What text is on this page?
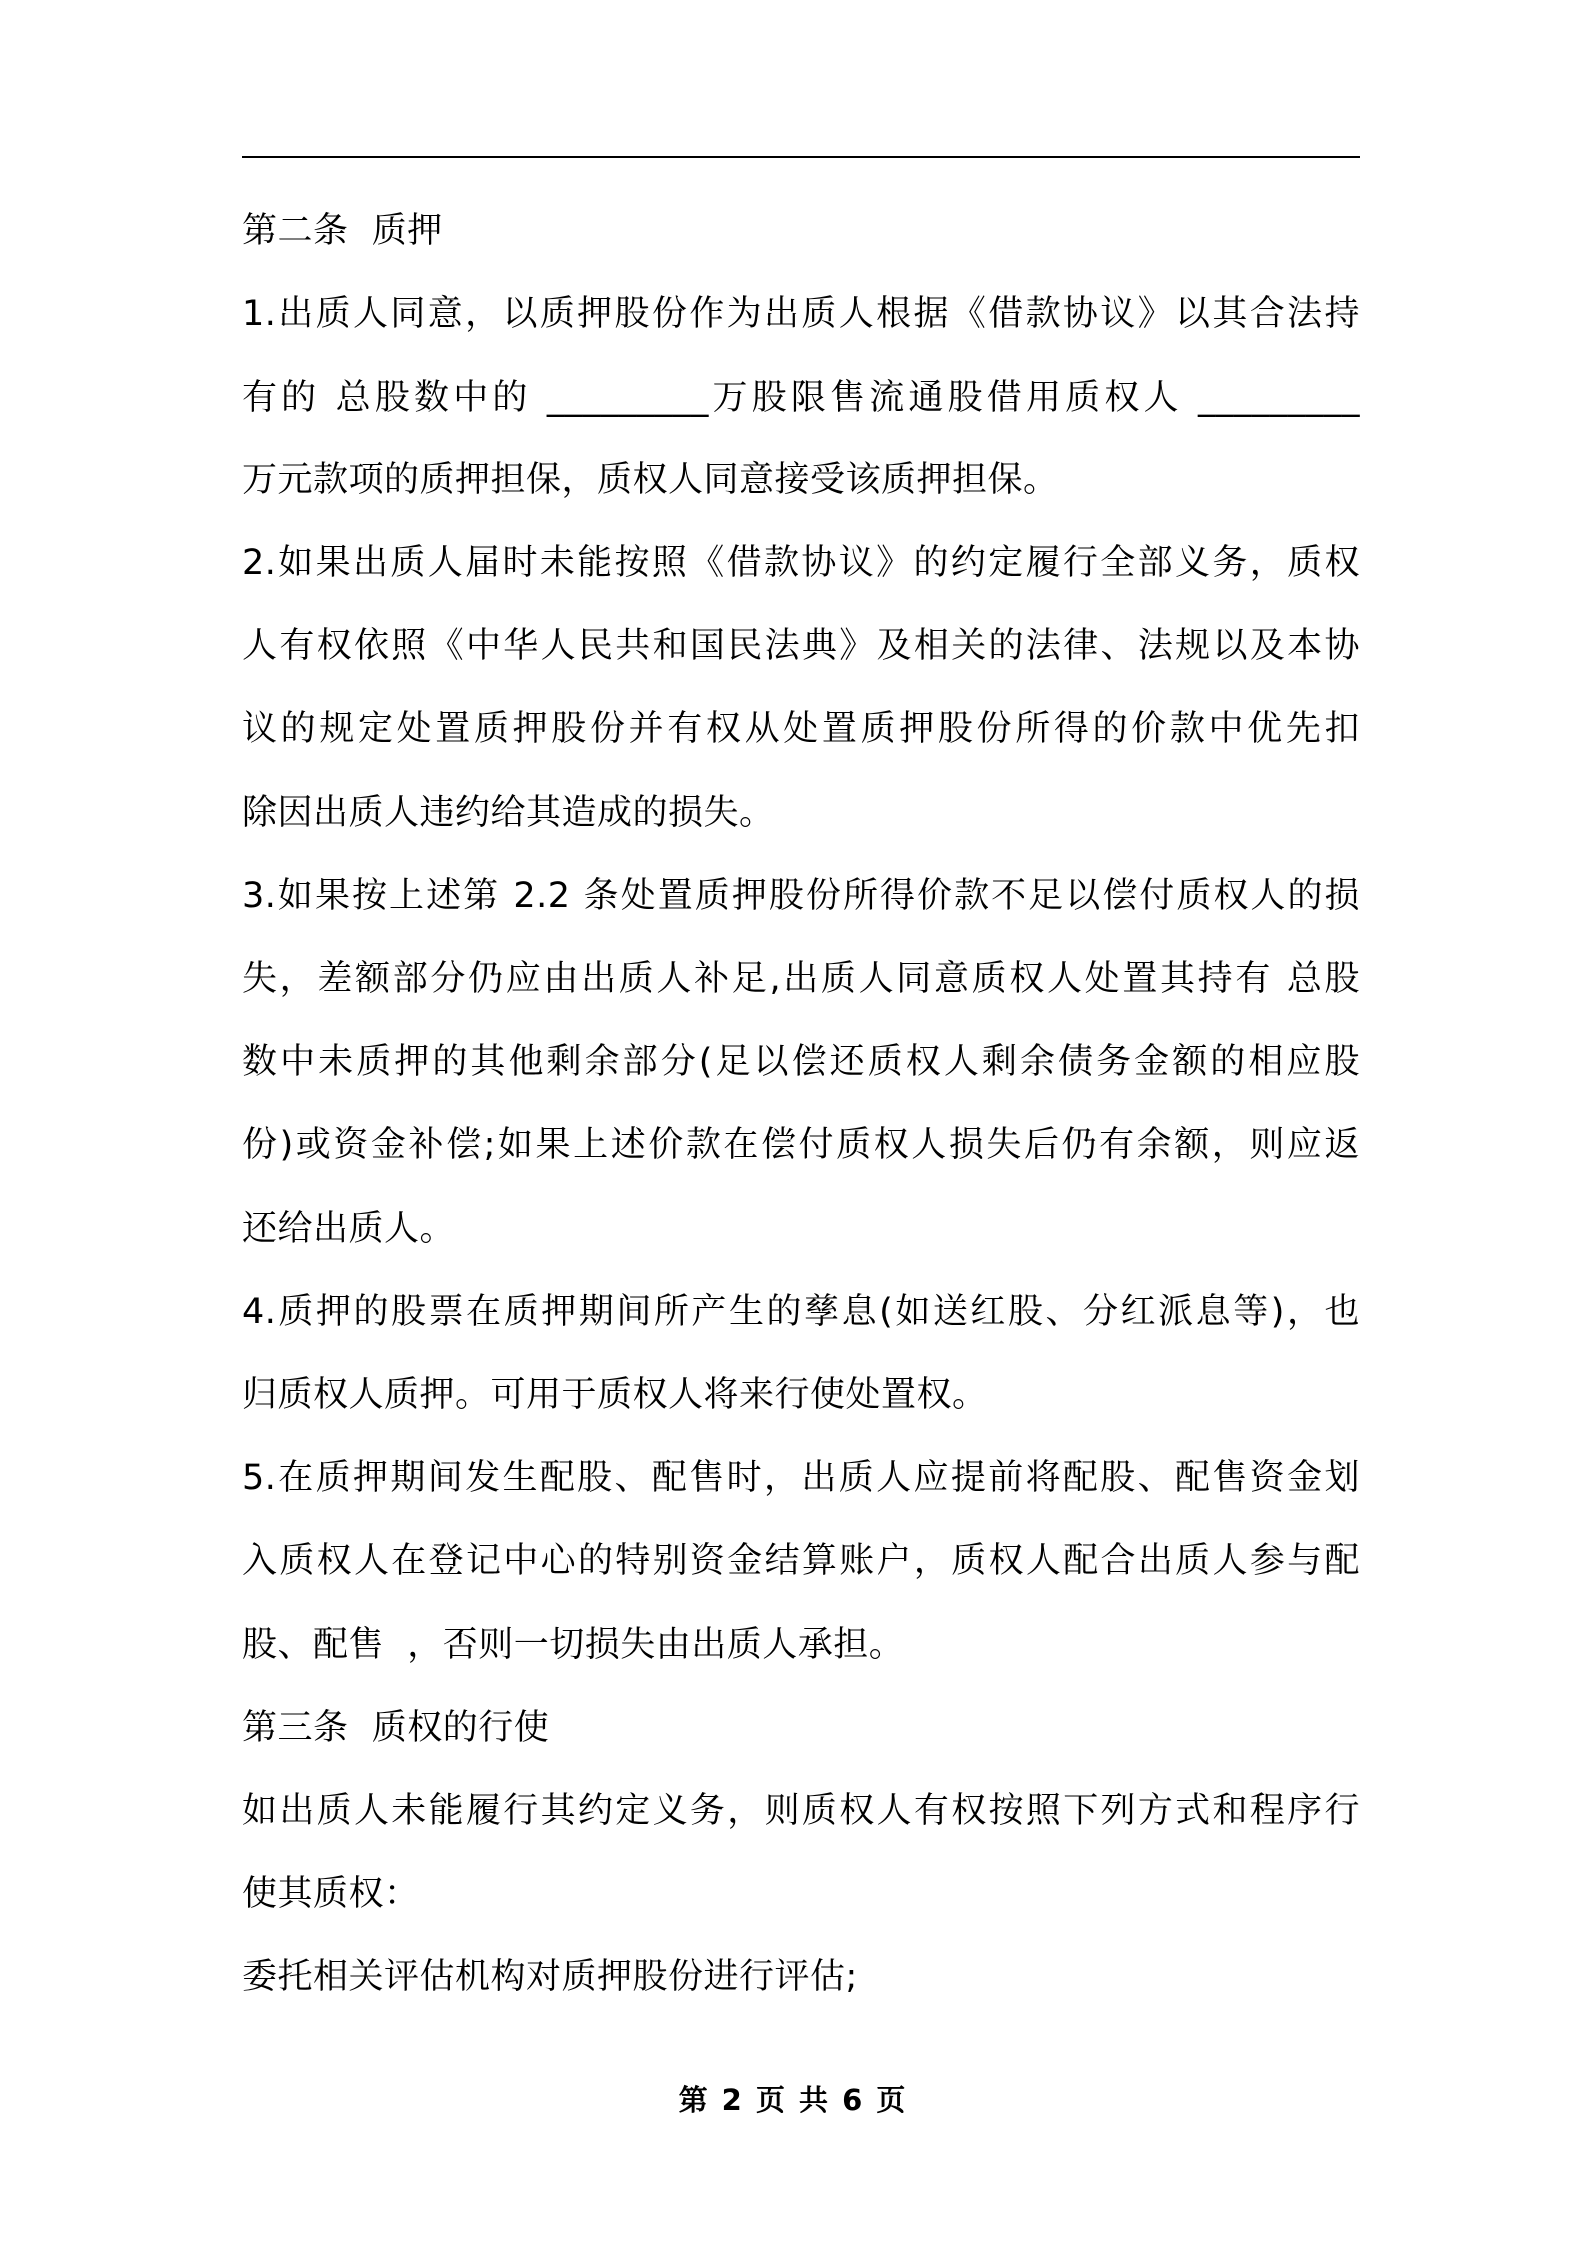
第二条  质押

1.出质人同意，以质押股份作为出质人根据《借款协议》以其合法持

有的 总股数中的 _________万股限售流通股借用质权人 _________

万元款项的质押担保，质权人同意接受该质押担保。

2.如果出质人届时未能按照《借款协议》的约定履行全部义务，质权

人有权依照《中华人民共和国民法典》及相关的法律、法规以及本协

议的规定处置质押股份并有权从处置质押股份所得的价款中优先扣

除因出质人违约给其造成的损失。

3.如果按上述第 2.2 条处置质押股份所得价款不足以偿付质权人的损

失，差额部分仍应由出质人补足,出质人同意质权人处置其持有 总股

数中未质押的其他剩余部分(足以偿还质权人剩余债务金额的相应股

份)或资金补偿;如果上述价款在偿付质权人损失后仍有余额，则应返

还给出质人。

4.质押的股票在质押期间所产生的孳息(如送红股、分红派息等)，也

归质权人质押。可用于质权人将来行使处置权。

5.在质押期间发生配股、配售时，出质人应提前将配股、配售资金划

入质权人在登记中心的特别资金结算账户，质权人配合出质人参与配

股、配售  ，否则一切损失由出质人承担。

第三条  质权的行使

如出质人未能履行其约定义务，则质权人有权按照下列方式和程序行

使其质权：

委托相关评估机构对质押股份进行评估;

第 2 页 共 6 页
